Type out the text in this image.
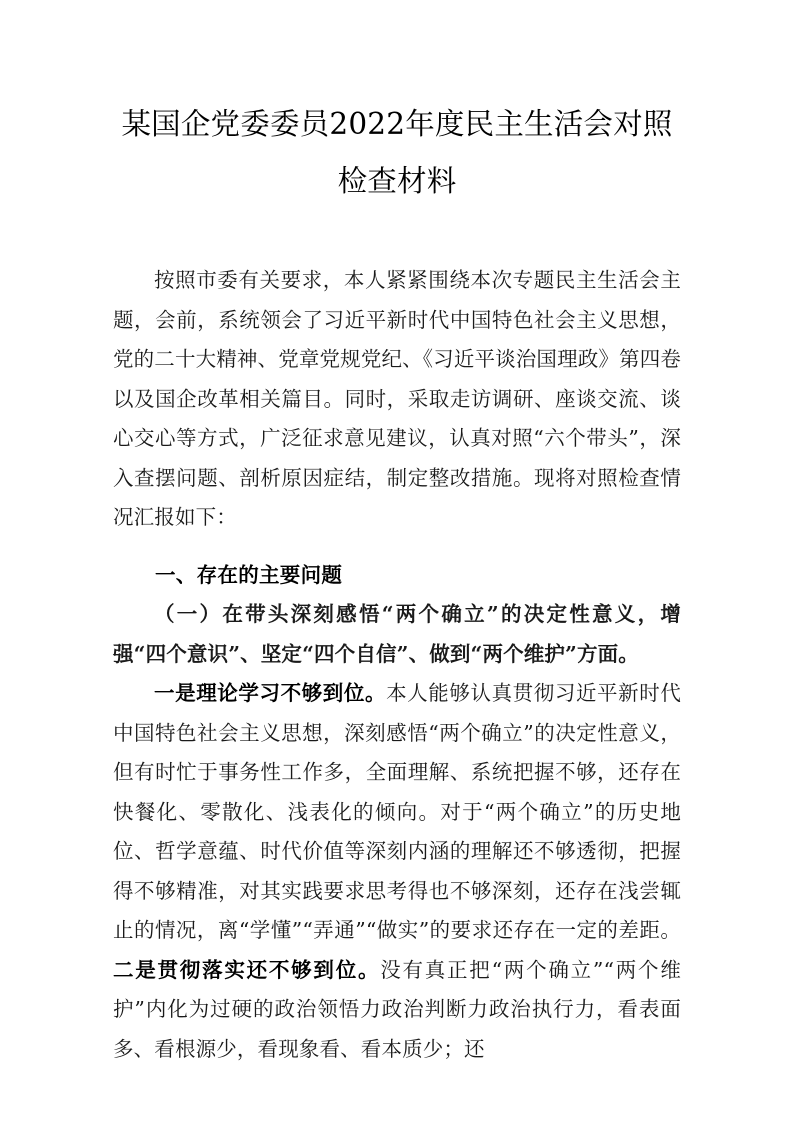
某国企党委委员2022年度民主生活会对照检查材料

按照市委有关要求，本人紧紧围绕本次专题民主生活会主题，会前，系统领会了习近平新时代中国特色社会主义思想，党的二十大精神、党章党规党纪、《习近平谈治国理政》第四卷以及国企改革相关篇目。同时，采取走访调研、座谈交流、谈心交心等方式，广泛征求意见建议，认真对照“六个带头”，深入查摆问题、剖析原因症结，制定整改措施。现将对照检查情况汇报如下：

一、存在的主要问题

（一）在带头深刻感悟“两个确立”的决定性意义，增强“四个意识”、坚定“四个自信”、做到“两个维护”方面。

一是理论学习不够到位。本人能够认真贯彻习近平新时代中国特色社会主义思想，深刻感悟“两个确立”的决定性意义，但有时忙于事务性工作多，全面理解、系统把握不够，还存在快餐化、零散化、浅表化的倾向。对于“两个确立”的历史地位、哲学意蕴、时代价值等深刻内涵的理解还不够透彻，把握得不够精准，对其实践要求思考得也不够深刻，还存在浅尝辄止的情况，离“学懂”“弄通”“做实”的要求还存在一定的差距。二是贯彻落实还不够到位。没有真正把“两个确立”“两个维护”内化为过硬的政治领悟力政治判断力政治执行力，看表面多、看根源少，看现象看、看本质少；还
